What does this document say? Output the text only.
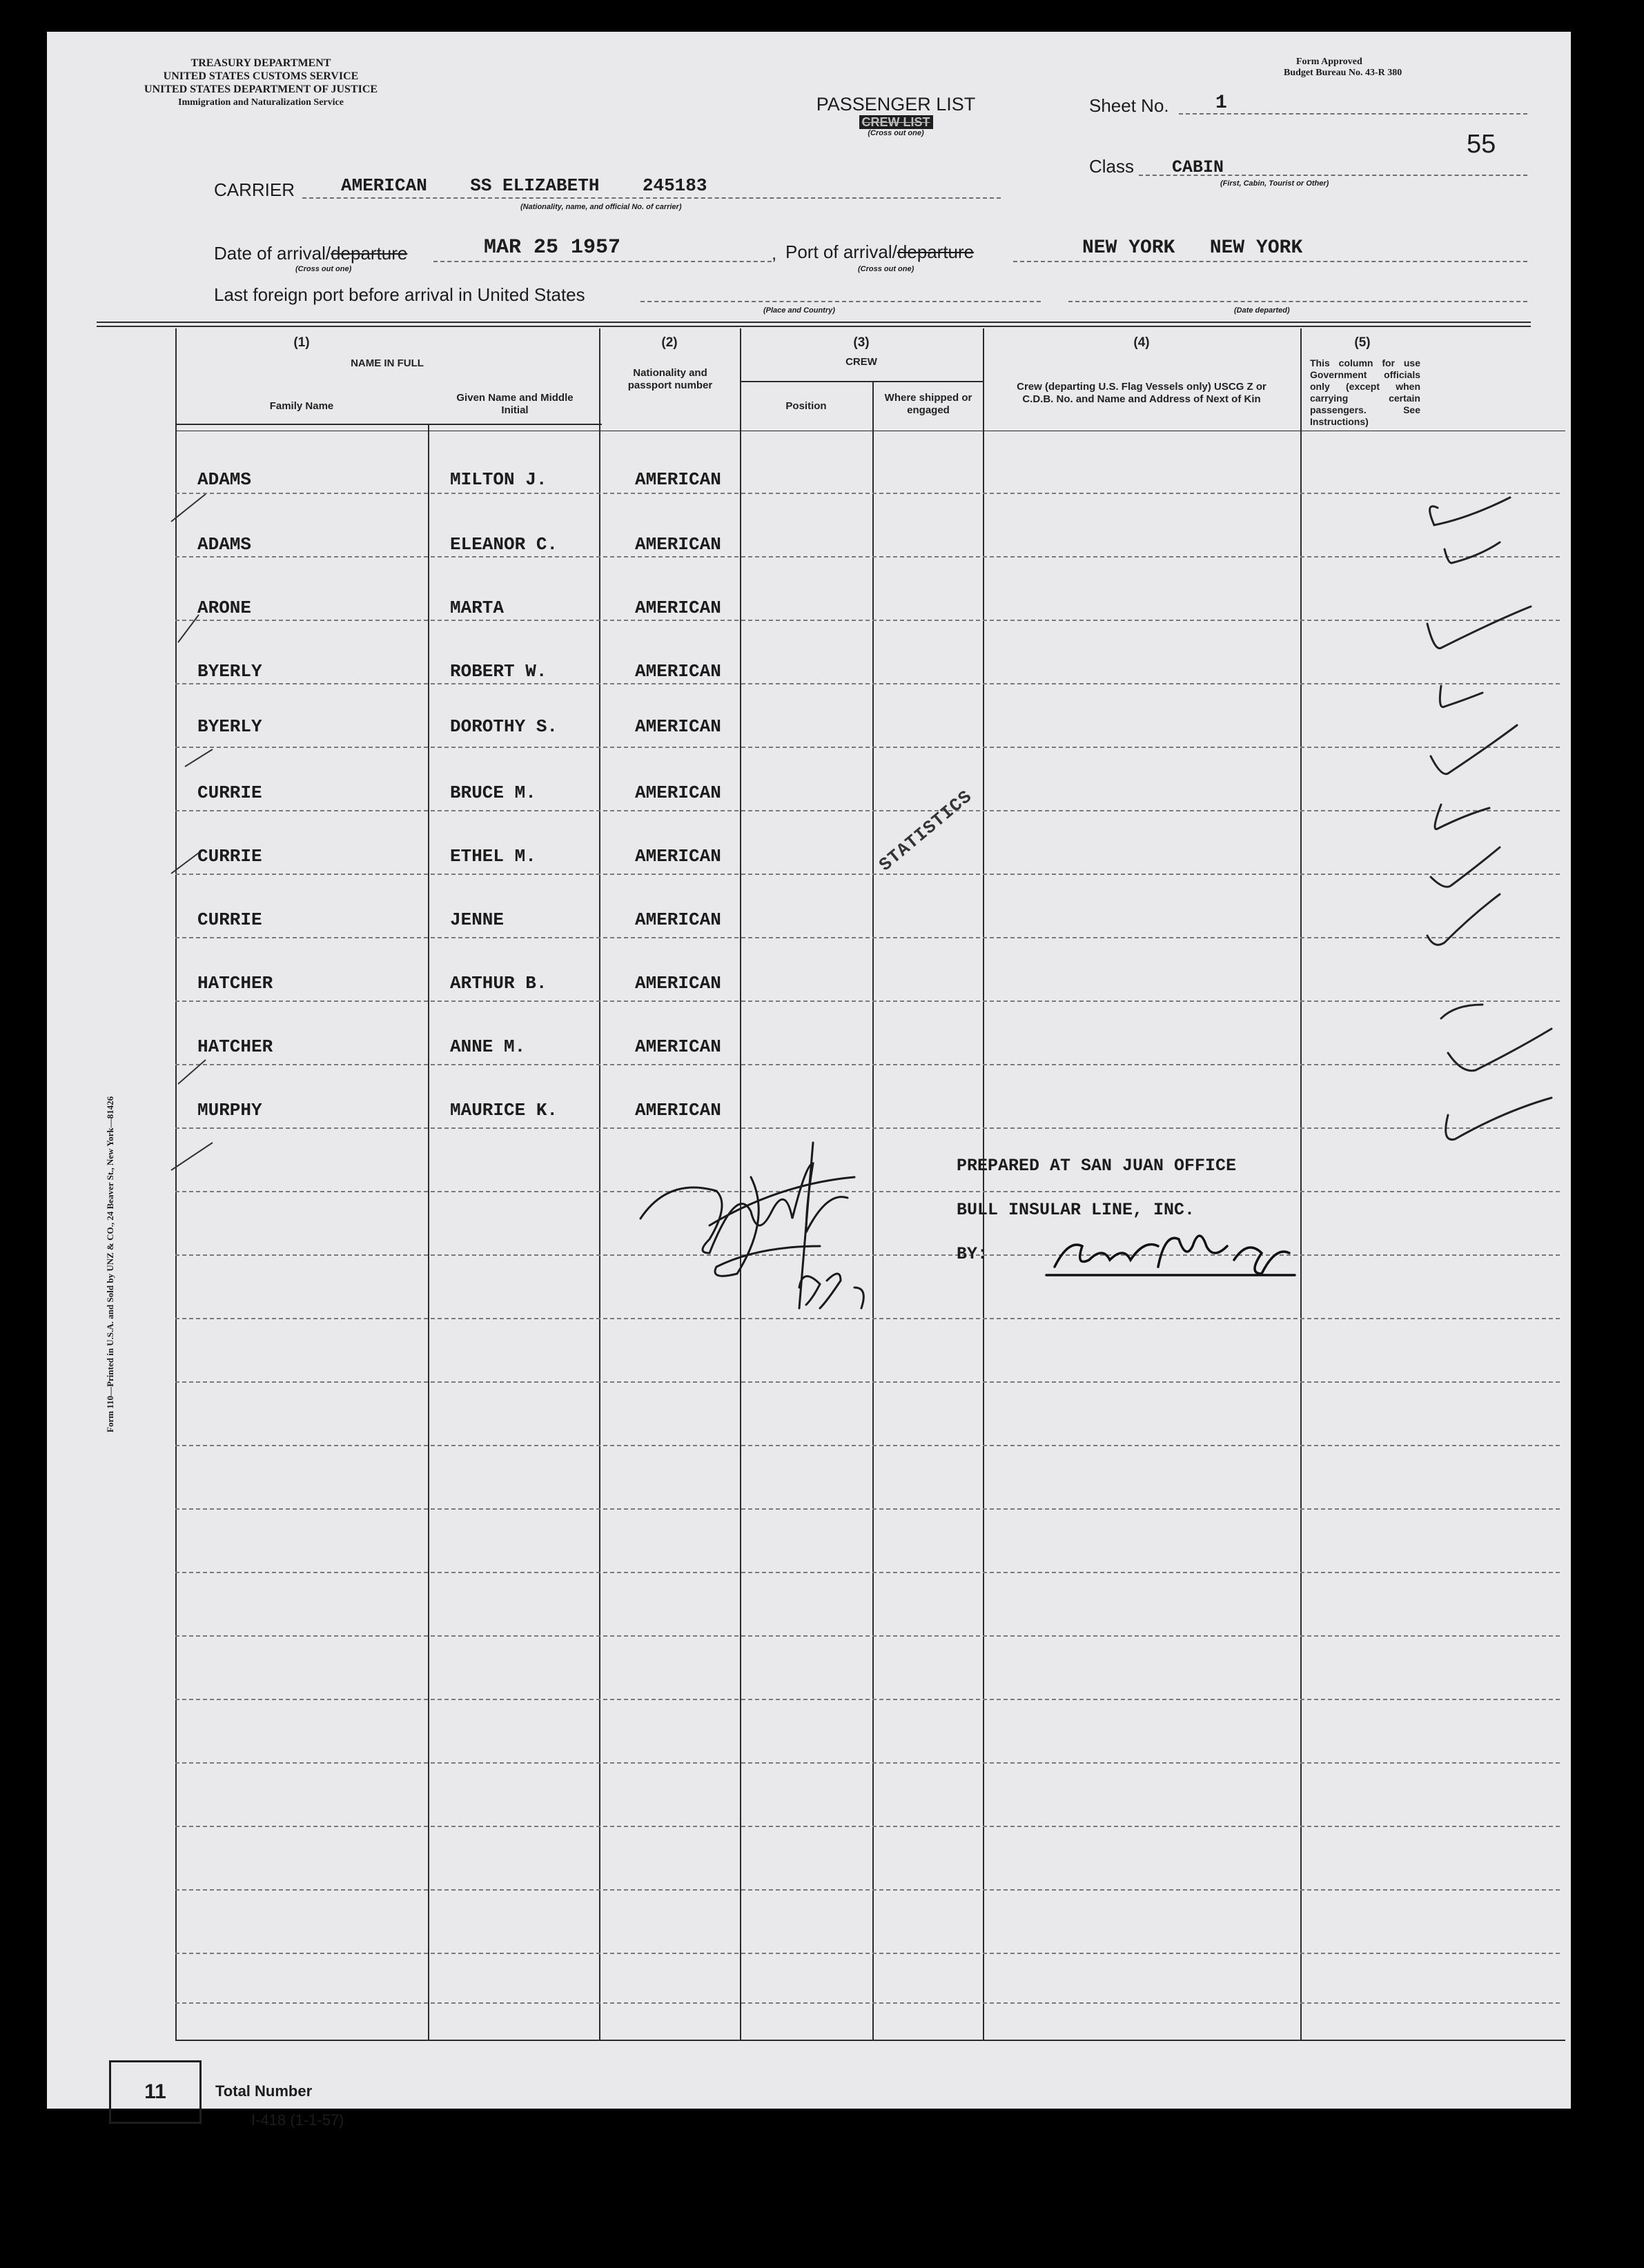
TREASURY DEPARTMENT
UNITED STATES CUSTOMS SERVICE
UNITED STATES DEPARTMENT OF JUSTICE
Immigration and Naturalization Service
Form Approved
Budget Bureau No. 43-R 380
PASSENGER LIST
CREW LIST
(Cross out one)
Sheet No. 1
55
Class CABIN
(First, Cabin, Tourist or Other)
CARRIER	AMERICAN    SS ELIZABETH    245183
(Nationality, name, and official No. of carrier)
Date of arrival/departure	MAR 25 1957
(Cross out one)
, Port of arrival/departure	NEW YORK   NEW YORK
(Cross out one)
Last foreign port before arrival in United States
(Place and Country)	(Date departed)
(1)
NAME IN FULL
Family Name
Given Name and Middle Initial
(2)
Nationality and passport number
(3)
CREW
Position
Where shipped or engaged
(4)
Crew (departing U.S. Flag Vessels only) USCG Z or C.D.B. No. and Name and Address of Next of Kin
(5)
This column for use Government officials only (except when carrying certain passengers. See Instructions)
ADAMS	MILTON J.	AMERICAN
ADAMS	ELEANOR C.	AMERICAN
ARONE	MARTA	AMERICAN
BYERLY	ROBERT W.	AMERICAN
BYERLY	DOROTHY S.	AMERICAN
CURRIE	BRUCE M.	AMERICAN
CURRIE	ETHEL M.	AMERICAN
CURRIE	JENNE	AMERICAN
HATCHER	ARTHUR B.	AMERICAN
HATCHER	ANNE M.	AMERICAN
MURPHY	MAURICE K.	AMERICAN
STATISTICS
PREPARED AT SAN JUAN OFFICE
BULL INSULAR LINE, INC.
BY:
11	Total Number
I-418 (1-1-57)
Form 110—Printed in U.S.A. and Sold by UNZ & CO., 24 Beaver St., New York—81426
